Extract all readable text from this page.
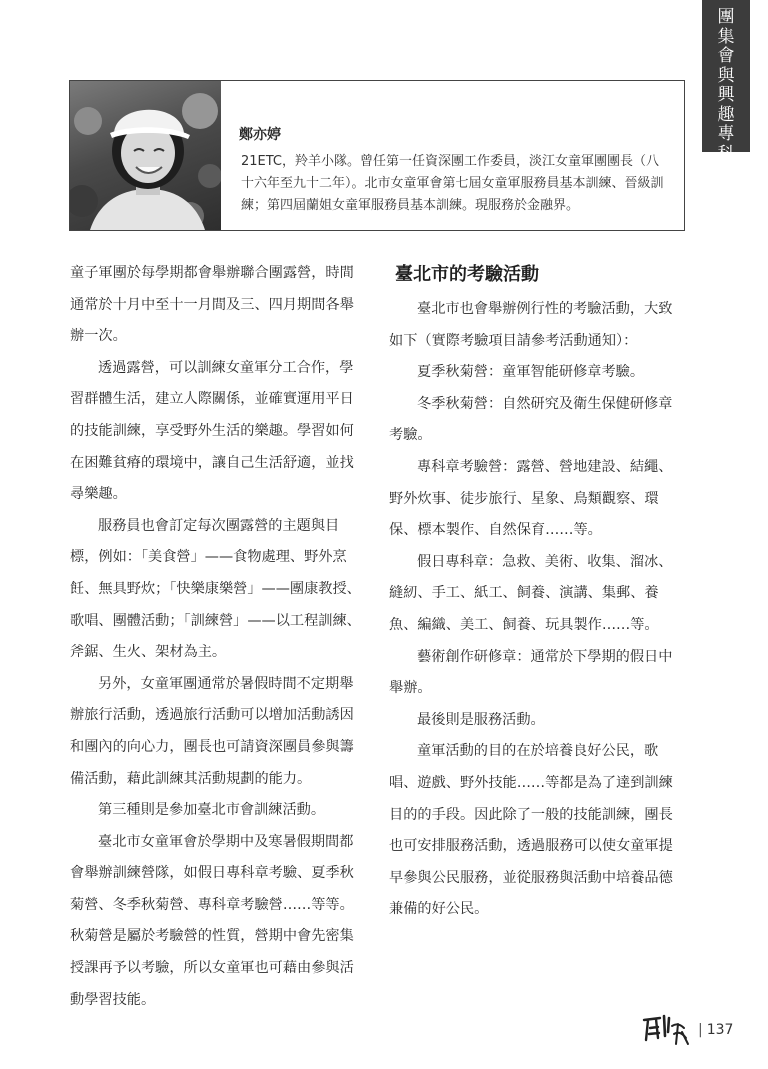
團
集
會
與
興
趣
專
科
鄭亦婷
21ETC，羚羊小隊。曾任第一任資深團工作委員，淡江女童軍團團長（八十六年至九十二年）。北市女童軍會第七屆女童軍服務員基本訓練、晉級訓練；第四屆蘭姐女童軍服務員基本訓練。現服務於金融界。

童子軍團於每學期都會舉辦聯合團露營，時間通常於十月中至十一月間及三、四月期間各舉辦一次。

透過露營，可以訓練女童軍分工合作，學習群體生活，建立人際關係，並確實運用平日的技能訓練，享受野外生活的樂趣。學習如何在困難貧瘠的環境中，讓自己生活舒適，並找尋樂趣。

服務員也會訂定每次團露營的主題與目標，例如：「美食營」——食物處理、野外烹飪、無具野炊；「快樂康樂營」——團康教授、歌唱、團體活動；「訓練營」——以工程訓練、斧鋸、生火、架材為主。

另外，女童軍團通常於暑假時間不定期舉辦旅行活動，透過旅行活動可以增加活動誘因和團內的向心力，團長也可請資深團員參與籌備活動，藉此訓練其活動規劃的能力。

第三種則是參加臺北市會訓練活動。

臺北市女童軍會於學期中及寒暑假期間都會舉辦訓練營隊，如假日專科章考驗、夏季秋菊營、冬季秋菊營、專科章考驗營……等等。秋菊營是屬於考驗營的性質，營期中會先密集授課再予以考驗，所以女童軍也可藉由參與活動學習技能。

臺北市的考驗活動

臺北市也會舉辦例行性的考驗活動，大致如下（實際考驗項目請參考活動通知）：

夏季秋菊營：童軍智能研修章考驗。

冬季秋菊營：自然研究及衛生保健研修章考驗。

專科章考驗營：露營、營地建設、結繩、野外炊事、徒步旅行、星象、鳥類觀察、環保、標本製作、自然保育……等。

假日專科章：急救、美術、收集、溜冰、縫紉、手工、紙工、飼養、演講、集郵、養魚、編織、美工、飼養、玩具製作……等。

藝術創作研修章：通常於下學期的假日中舉辦。

最後則是服務活動。

童軍活動的目的在於培養良好公民，歌唱、遊戲、野外技能……等都是為了達到訓練目的的手段。因此除了一般的技能訓練，團長也可安排服務活動，透過服務可以使女童軍提早參與公民服務，並從服務與活動中培養品德兼備的好公民。

| 137
